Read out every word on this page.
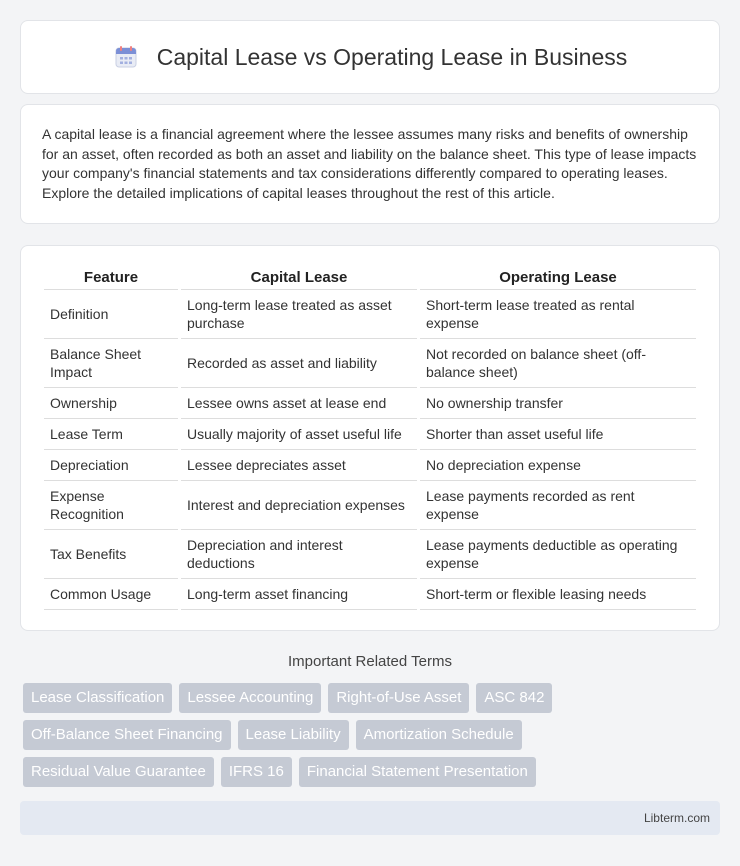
Capital Lease vs Operating Lease in Business

A capital lease is a financial agreement where the lessee assumes many risks and benefits of ownership for an asset, often recorded as both an asset and liability on the balance sheet. This type of lease impacts your company's financial statements and tax considerations differently compared to operating leases. Explore the detailed implications of capital leases throughout the rest of this article.

Feature	Capital Lease	Operating Lease
Definition	Long-term lease treated as asset purchase	Short-term lease treated as rental expense
Balance Sheet Impact	Recorded as asset and liability	Not recorded on balance sheet (off-balance sheet)
Ownership	Lessee owns asset at lease end	No ownership transfer
Lease Term	Usually majority of asset useful life	Shorter than asset useful life
Depreciation	Lessee depreciates asset	No depreciation expense
Expense Recognition	Interest and depreciation expenses	Lease payments recorded as rent expense
Tax Benefits	Depreciation and interest deductions	Lease payments deductible as operating expense
Common Usage	Long-term asset financing	Short-term or flexible leasing needs
Important Related Terms
Lease Classification	Lessee Accounting	Right-of-Use Asset	ASC 842
Off-Balance Sheet Financing	Lease Liability	Amortization Schedule
Residual Value Guarantee	IFRS 16	Financial Statement Presentation
Libterm.com
